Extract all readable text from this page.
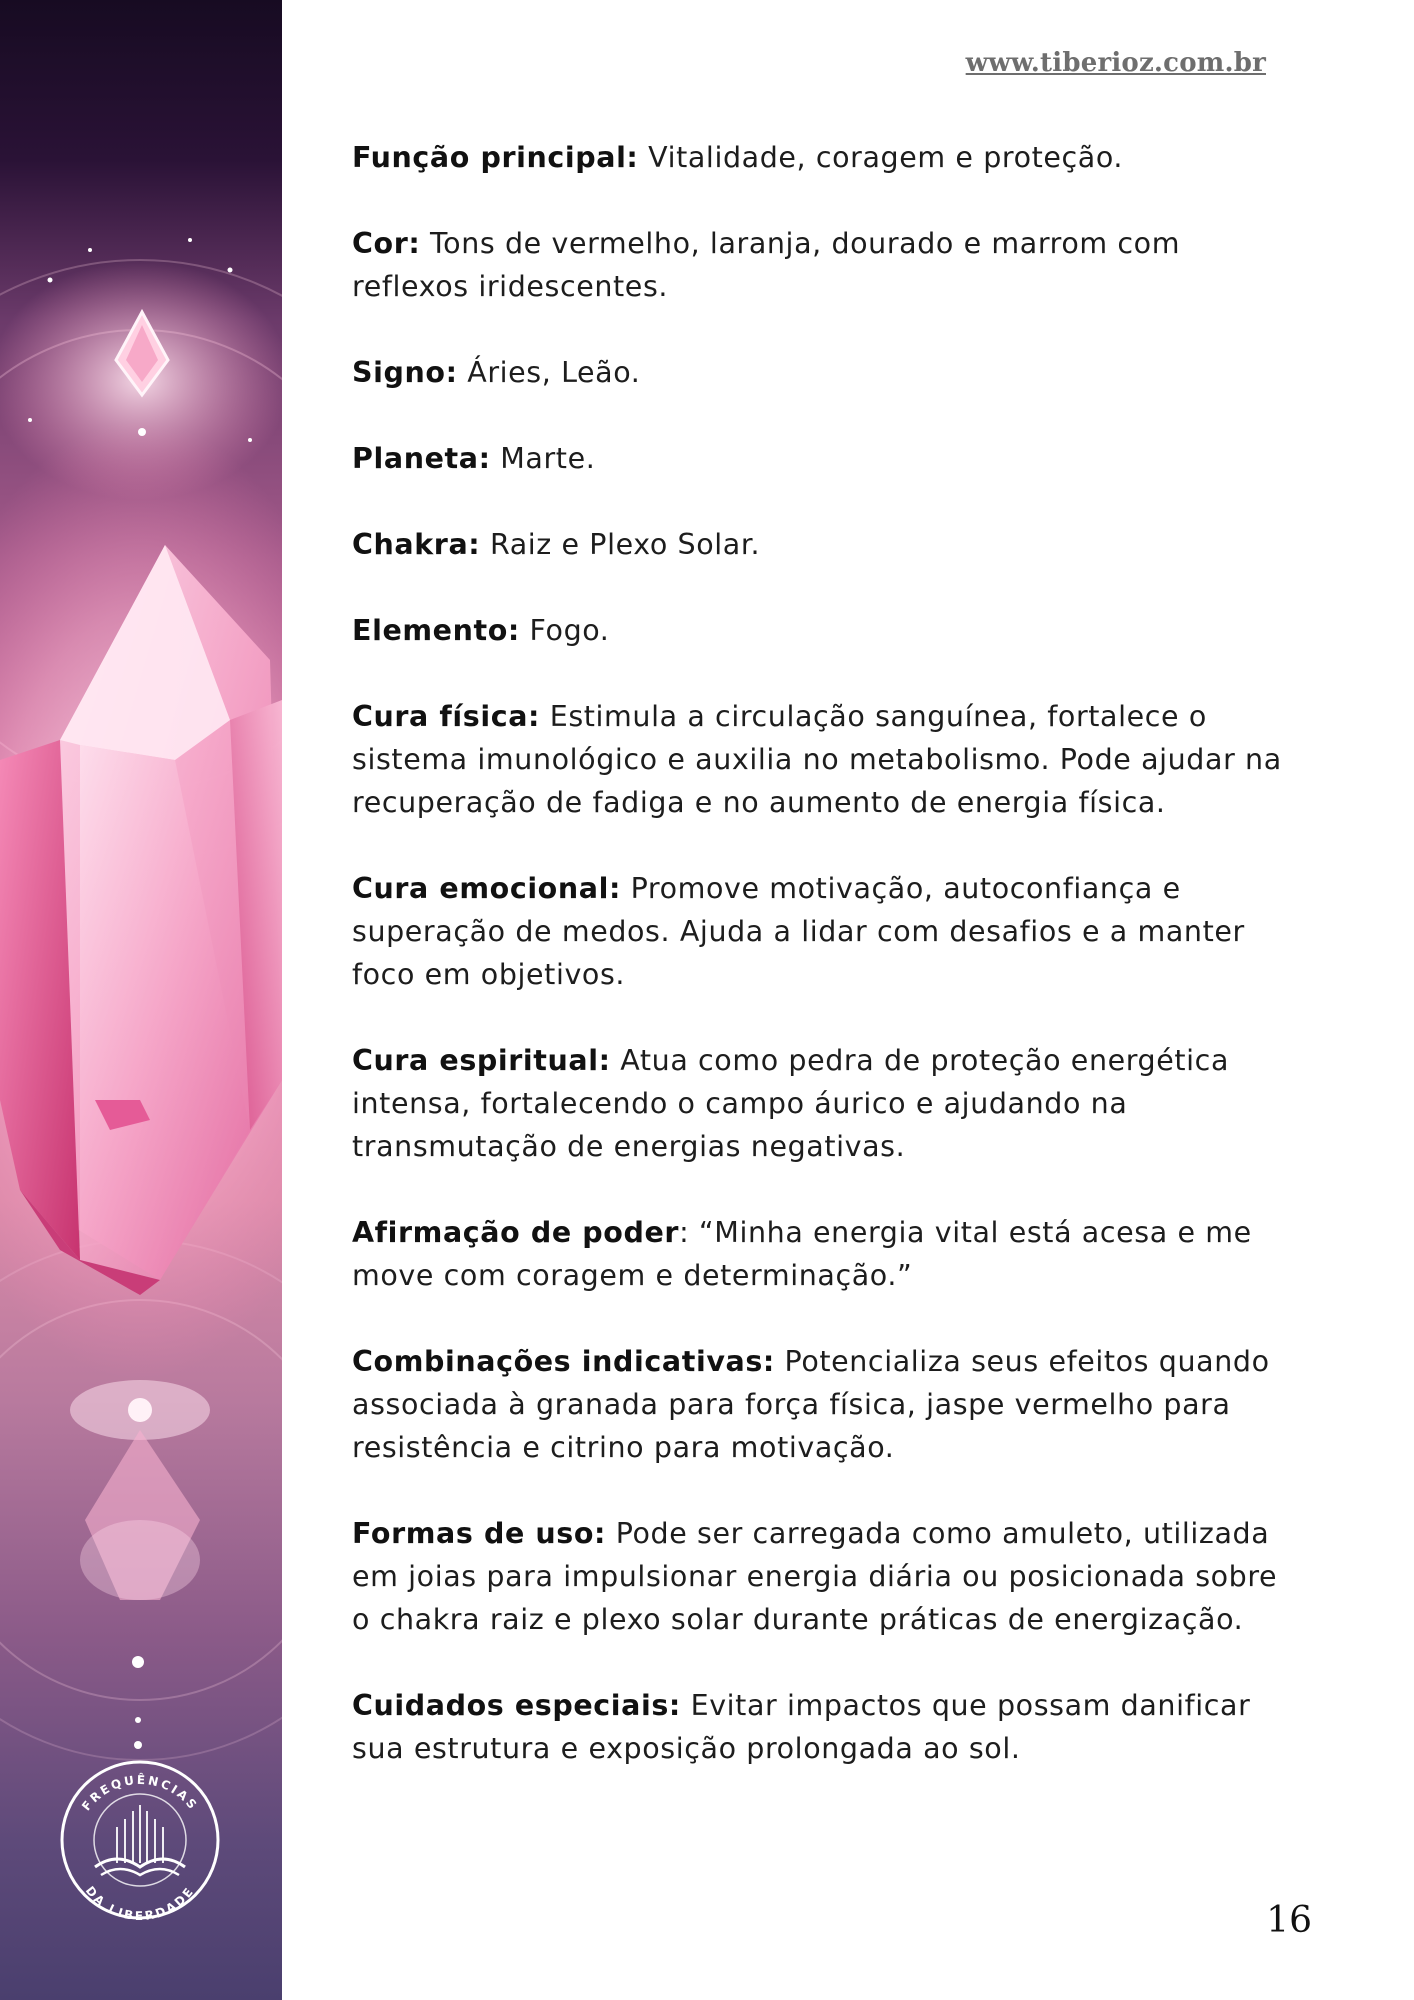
FREQUÊNCIAS
DA LIBERDADE
www.tiberioz.com.br

Função principal: Vitalidade, coragem e proteção.

Cor: Tons de vermelho, laranja, dourado e marrom com reflexos iridescentes.

Signo: Áries, Leão.

Planeta: Marte.

Chakra: Raiz e Plexo Solar.

Elemento: Fogo.

Cura física: Estimula a circulação sanguínea, fortalece o sistema imunológico e auxilia no metabolismo. Pode ajudar na recuperação de fadiga e no aumento de energia física.

Cura emocional: Promove motivação, autoconfiança e superação de medos. Ajuda a lidar com desafios e a manter foco em objetivos.

Cura espiritual: Atua como pedra de proteção energética intensa, fortalecendo o campo áurico e ajudando na transmutação de energias negativas.

Afirmação de poder: “Minha energia vital está acesa e me move com coragem e determinação.”

Combinações indicativas: Potencializa seus efeitos quando associada à granada para força física, jaspe vermelho para resistência e citrino para motivação.

Formas de uso: Pode ser carregada como amuleto, utilizada em joias para impulsionar energia diária ou posicionada sobre o chakra raiz e plexo solar durante práticas de energização.

Cuidados especiais: Evitar impactos que possam danificar sua estrutura e exposição prolongada ao sol.

16
